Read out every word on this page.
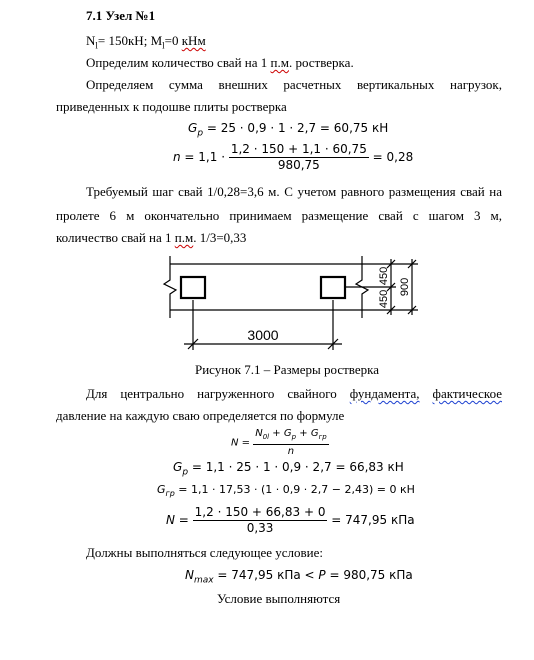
7.1 Узел №1
$N_l= 150кН$; $M_l=0$ кНм
Определим количество свай на 1 п.м. ростверка.
Определяем сумма внешних расчетных вертикальных нагрузок,
приведенных к подошве плиты ростверка
$G_p = 25 \cdot 0,9 \cdot 1 \cdot 2,7 = 60,75$ кН
$n = 1,1 \cdot \frac{1,2 \cdot 150 + 1,1 \cdot 60,75}{980,75} = 0,28$
Требуемый шаг свай 1/0,28=3,6 м. С учетом равного размещения свай на
пролете 6 м окончательно принимаем размещение свай с шагом 3 м,
количество свай на 1 п.м. 1/3=0,33
3000
450
450
900
Рисунок 7.1 – Размеры ростверка
Для центрально нагруженного свайного фундамента, фактическое
давление на каждую сваю определяется по формуле
$N = \frac{N_{0l} + G_p + G_{гр}}{n}$
$G_p = 1,1 \cdot 25 \cdot 1 \cdot 0,9 \cdot 2,7 = 66,83$ кН
$G_{гр} = 1,1 \cdot 17,53 \cdot (1 \cdot 0,9 \cdot 2,7 - 2,43) = 0$ кН
$N = \frac{1,2 \cdot 150 + 66,83 + 0}{0,33} = 747,95$ кПа
Должны выполняться следующее условие:
$N_{max} = 747,95$ кПа < P = 980,75 кПа
Условие выполняются
